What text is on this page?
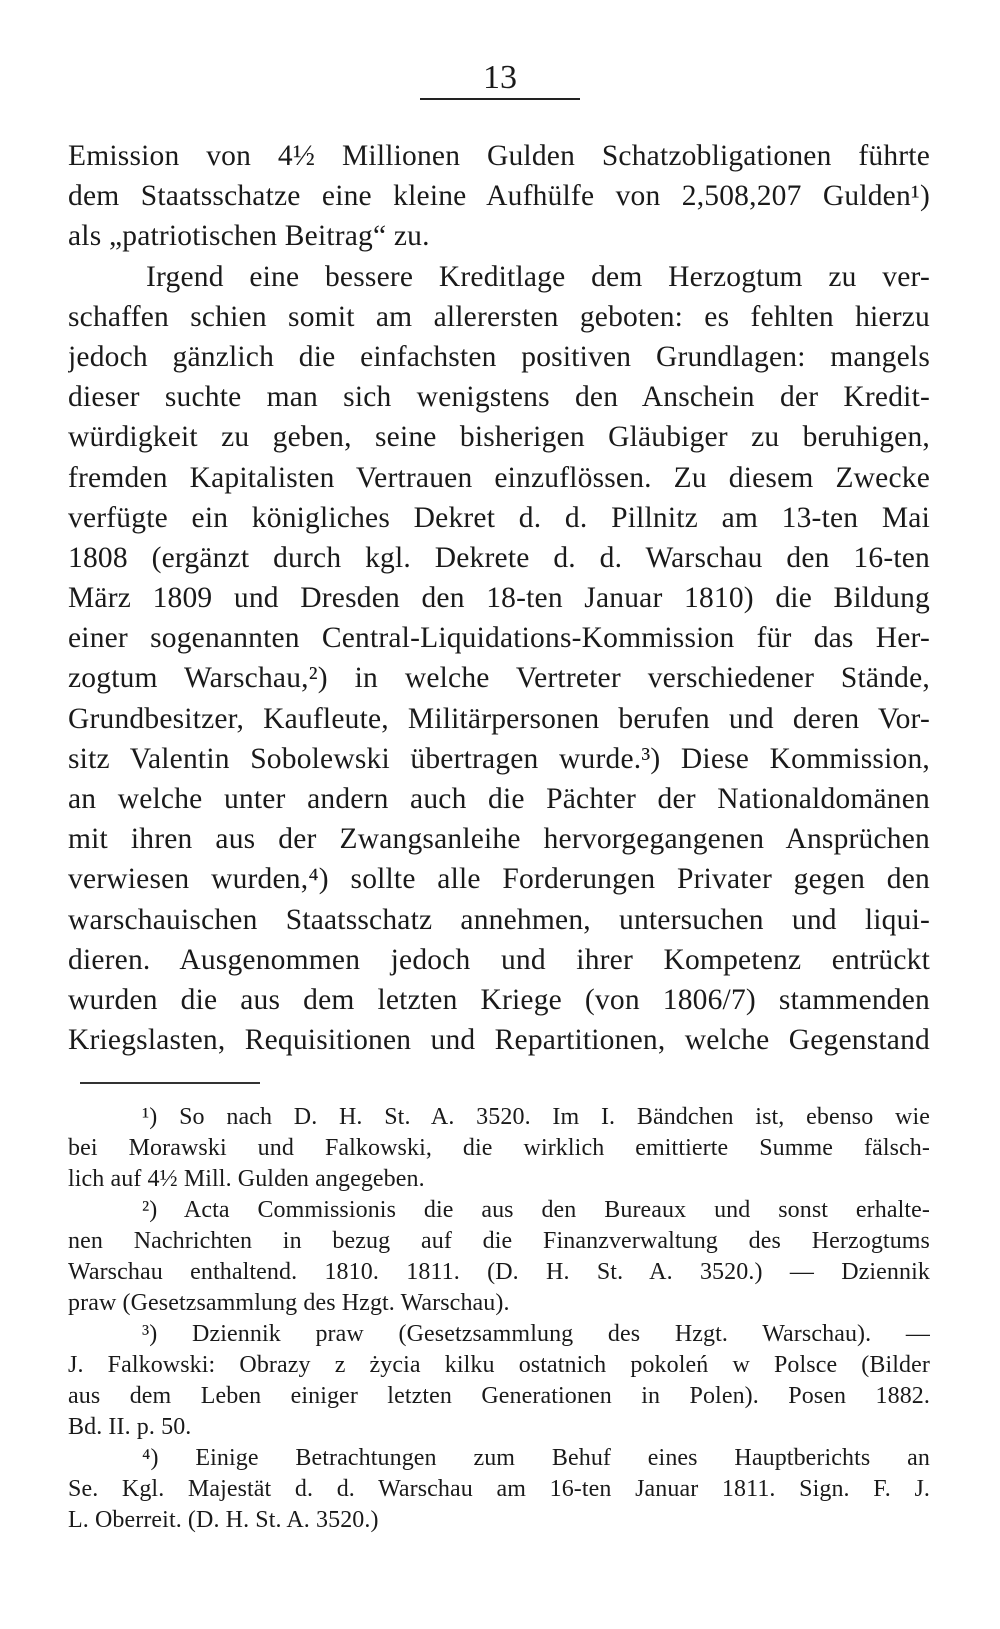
13
Emission von 4½ Millionen Gulden Schatzobligationen führte
dem Staatsschatze eine kleine Aufhülfe von 2,508,207 Gulden¹)
als „patriotischen Beitrag“ zu.
Irgend eine bessere Kreditlage dem Herzogtum zu ver-
schaffen schien somit am allerersten geboten: es fehlten hierzu
jedoch gänzlich die einfachsten positiven Grundlagen: mangels
dieser suchte man sich wenigstens den Anschein der Kredit-
würdigkeit zu geben, seine bisherigen Gläubiger zu beruhigen,
fremden Kapitalisten Vertrauen einzuflössen. Zu diesem Zwecke
verfügte ein königliches Dekret d. d. Pillnitz am 13-ten Mai
1808 (ergänzt durch kgl. Dekrete d. d. Warschau den 16-ten
März 1809 und Dresden den 18-ten Januar 1810) die Bildung
einer sogenannten Central-Liquidations-Kommission für das Her-
zogtum Warschau,²) in welche Vertreter verschiedener Stände,
Grundbesitzer, Kaufleute, Militärpersonen berufen und deren Vor-
sitz Valentin Sobolewski übertragen wurde.³) Diese Kommission,
an welche unter andern auch die Pächter der Nationaldomänen
mit ihren aus der Zwangsanleihe hervorgegangenen Ansprüchen
verwiesen wurden,⁴) sollte alle Forderungen Privater gegen den
warschauischen Staatsschatz annehmen, untersuchen und liqui-
dieren. Ausgenommen jedoch und ihrer Kompetenz entrückt
wurden die aus dem letzten Kriege (von 1806/7) stammenden
Kriegslasten, Requisitionen und Repartitionen, welche Gegenstand
¹) So nach D. H. St. A. 3520. Im I. Bändchen ist, ebenso wie
bei Morawski und Falkowski, die wirklich emittierte Summe fälsch-
lich auf 4½ Mill. Gulden angegeben.
²) Acta Commissionis die aus den Bureaux und sonst erhalte-
nen Nachrichten in bezug auf die Finanzverwaltung des Herzogtums
Warschau enthaltend. 1810. 1811. (D. H. St. A. 3520.) — Dziennik
praw (Gesetzsammlung des Hzgt. Warschau).
³) Dziennik praw (Gesetzsammlung des Hzgt. Warschau). —
J. Falkowski: Obrazy z życia kilku ostatnich pokoleń w Polsce (Bilder
aus dem Leben einiger letzten Generationen in Polen). Posen 1882.
Bd. II. p. 50.
⁴) Einige Betrachtungen zum Behuf eines Hauptberichts an
Se. Kgl. Majestät d. d. Warschau am 16-ten Januar 1811. Sign. F. J.
L. Oberreit. (D. H. St. A. 3520.)
